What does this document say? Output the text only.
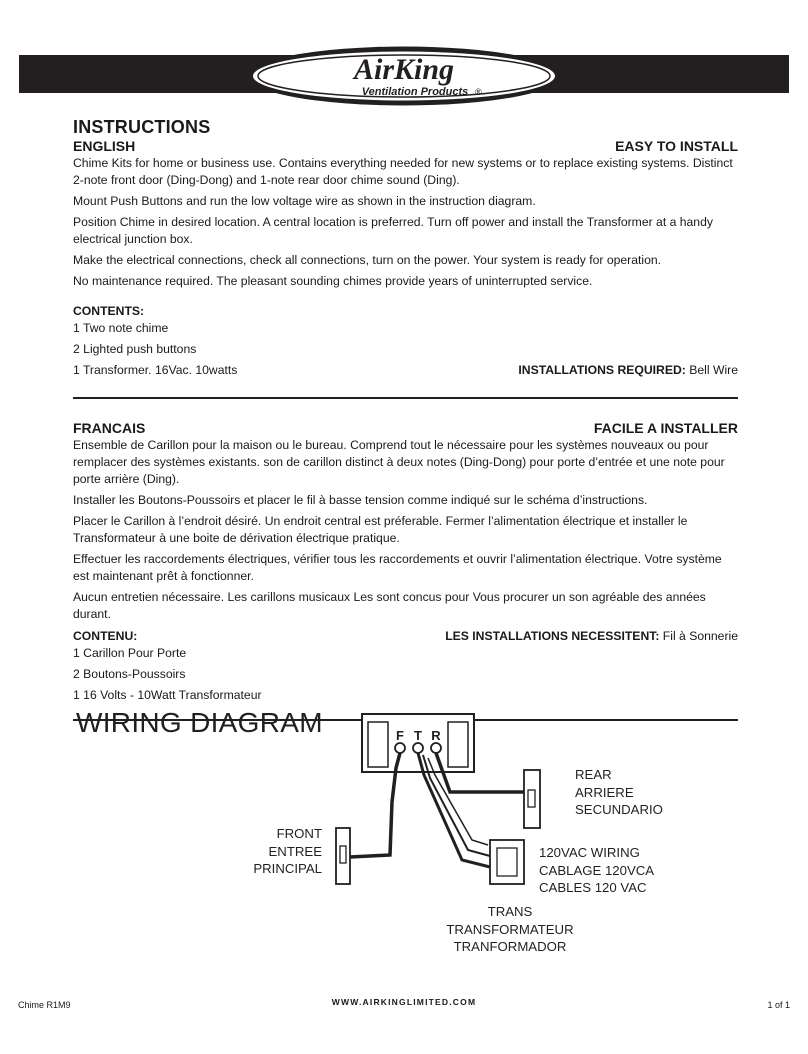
AirKing
Ventilation Products ®
INSTRUCTIONS
ENGLISH	EASY TO INSTALL

Chime Kits for home or business use. Contains everything needed for new systems or to replace existing systems. Distinct 2-note front door (Ding-Dong) and 1-note rear door chime sound (Ding).

Mount Push Buttons and run the low voltage wire as shown in the instruction diagram.

Position Chime in desired location. A central location is preferred. Turn off power and install the Transformer at a handy electrical junction box.

Make the electrical connections, check all connections, turn on the power. Your system is ready for operation.

No maintenance required. The pleasant sounding chimes provide years of uninterrupted service.

CONTENTS:

1 Two note chime

2 Lighted push buttons

1 Transformer. 16Vac. 10watts	INSTALLATIONS REQUIRED: Bell Wire
FRANCAIS	FACILE A INSTALLER

Ensemble de Carillon pour la maison ou le bureau. Comprend tout le nécessaire pour les systèmes nouveaux ou pour remplacer des systèmes existants. son de carillon distinct à deux notes (Ding-Dong) pour porte d’entrée et une note pour porte arrière (Ding).

Installer les Boutons-Poussoirs et placer le fil à basse tension comme indiqué sur le schéma d’instructions.

Placer le Carillon à l’endroit désiré. Un endroit central est préferable. Fermer l’alimentation électrique et installer le Transformateur à une boite de dérivation électrique pratique.

Effectuer les raccordements électriques, vérifier tous les raccordements et ouvrir l’alimentation électrique. Votre système est maintenant prêt à fonctionner.

Aucun entretien nécessaire. Les carillons musicaux Les sont concus pour Vous procurer un son agréable des années durant.

CONTENU:	LES INSTALLATIONS NECESSITENT: Fil à Sonnerie

1 Carillon Pour Porte

2 Boutons-Poussoirs

1 16 Volts - 10Watt Transformateur

WIRING DIAGRAM	F T R
REAR
ARRIERE
SECUNDARIO
FRONT
ENTREE
PRINCIPAL
120VAC WIRING
CABLAGE 120VCA
CABLES 120 VAC
TRANS
TRANSFORMATEUR
TRANFORMADOR
Chime R1M9	WWW.AIRKINGLIMITED.COM	1 of 1
